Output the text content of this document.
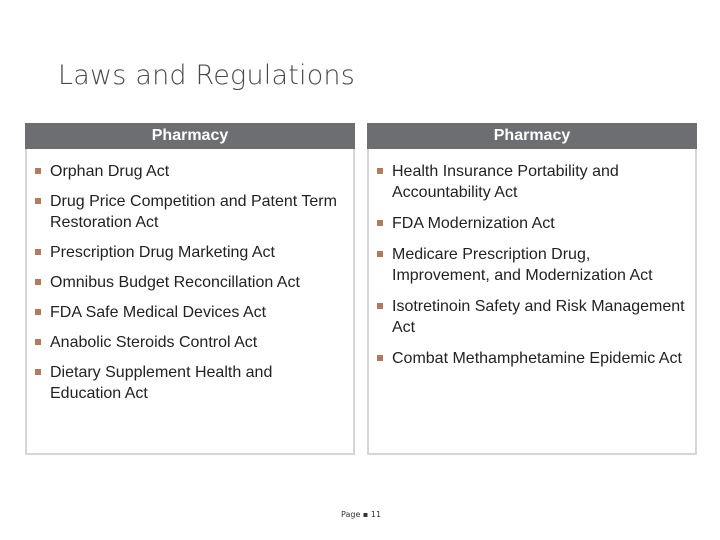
Laws and Regulations
Pharmacy
Orphan Drug Act
Drug Price Competition and Patent Term Restoration Act
Prescription Drug Marketing Act
Omnibus Budget Reconcillation Act
FDA Safe Medical Devices Act
Anabolic Steroids Control Act
Dietary Supplement Health and Education Act
Pharmacy
Health Insurance Portability and Accountability Act
FDA Modernization Act
Medicare Prescription Drug, Improvement, and Modernization Act
Isotretinoin Safety and Risk Management Act
Combat Methamphetamine Epidemic Act
Page ▪ 11
